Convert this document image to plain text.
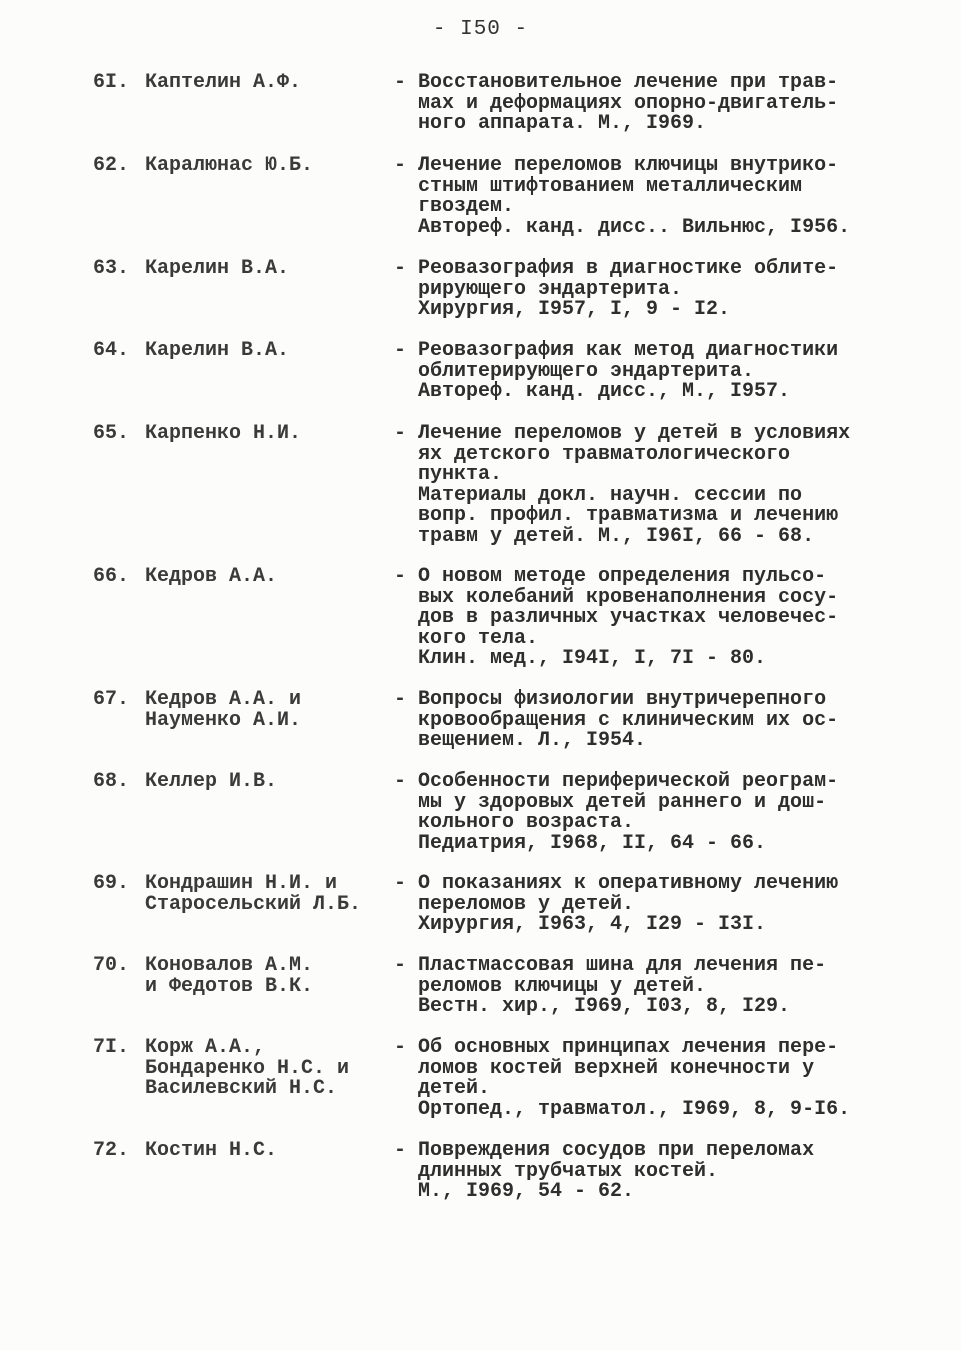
- I50 -
6I. Каптелин А.Ф.	- Восстановительное лечение при трав-
мах и деформациях опорно-двигатель-
ного аппарата. М., I969.
62. Каралюнас Ю.Б.	- Лечение переломов ключицы внутрико-
стным штифтованием металлическим
гвоздем.
Автореф. канд. дисс.. Вильнюс, I956.
63. Карелин В.А.	- Реовазография в диагностике облите-
рирующего эндартерита.
Хирургия, I957, I, 9 - I2.
64. Карелин В.А.	- Реовазография как метод диагностики
облитерирующего эндартерита.
Автореф. канд. дисс., М., I957.
65. Карпенко Н.И.	- Лечение переломов у детей в условиях
ях детского травматологического
пункта.
Материалы докл. научн. сессии по
вопр. профил. травматизма и лечению
травм у детей. М., I96I, 66 - 68.
66. Кедров А.А.	- О новом методе определения пульсо-
вых колебаний кровенаполнения сосу-
дов в различных участках человечес-
кого тела.
Клин. мед., I94I, I, 7I - 80.
67. Кедров А.А. и
Науменко А.И.
- Вопросы физиологии внутричерепного
кровообращения с клиническим их ос-
вещением. Л., I954.
68. Келлер И.В.	- Особенности периферической реограм-
мы у здоровых детей раннего и дош-
кольного возраста.
Педиатрия, I968, II, 64 - 66.
69. Кондрашин Н.И. и
Старосельский Л.Б.
- О показаниях к оперативному лечению
переломов у детей.
Хирургия, I963, 4, I29 - I3I.
70. Коновалов А.М.
и Федотов В.К.
- Пластмассовая шина для лечения пе-
реломов ключицы у детей.
Вестн. хир., I969, I03, 8, I29.
7I. Корж А.А.,
Бондаренко Н.С. и
Василевский Н.С.
- Об основных принципах лечения пере-
ломов костей верхней конечности у
детей.
Ортопед., травматол., I969, 8, 9-I6.
72. Костин Н.С.	- Повреждения сосудов при переломах
длинных трубчатых костей.
М., I969, 54 - 62.
